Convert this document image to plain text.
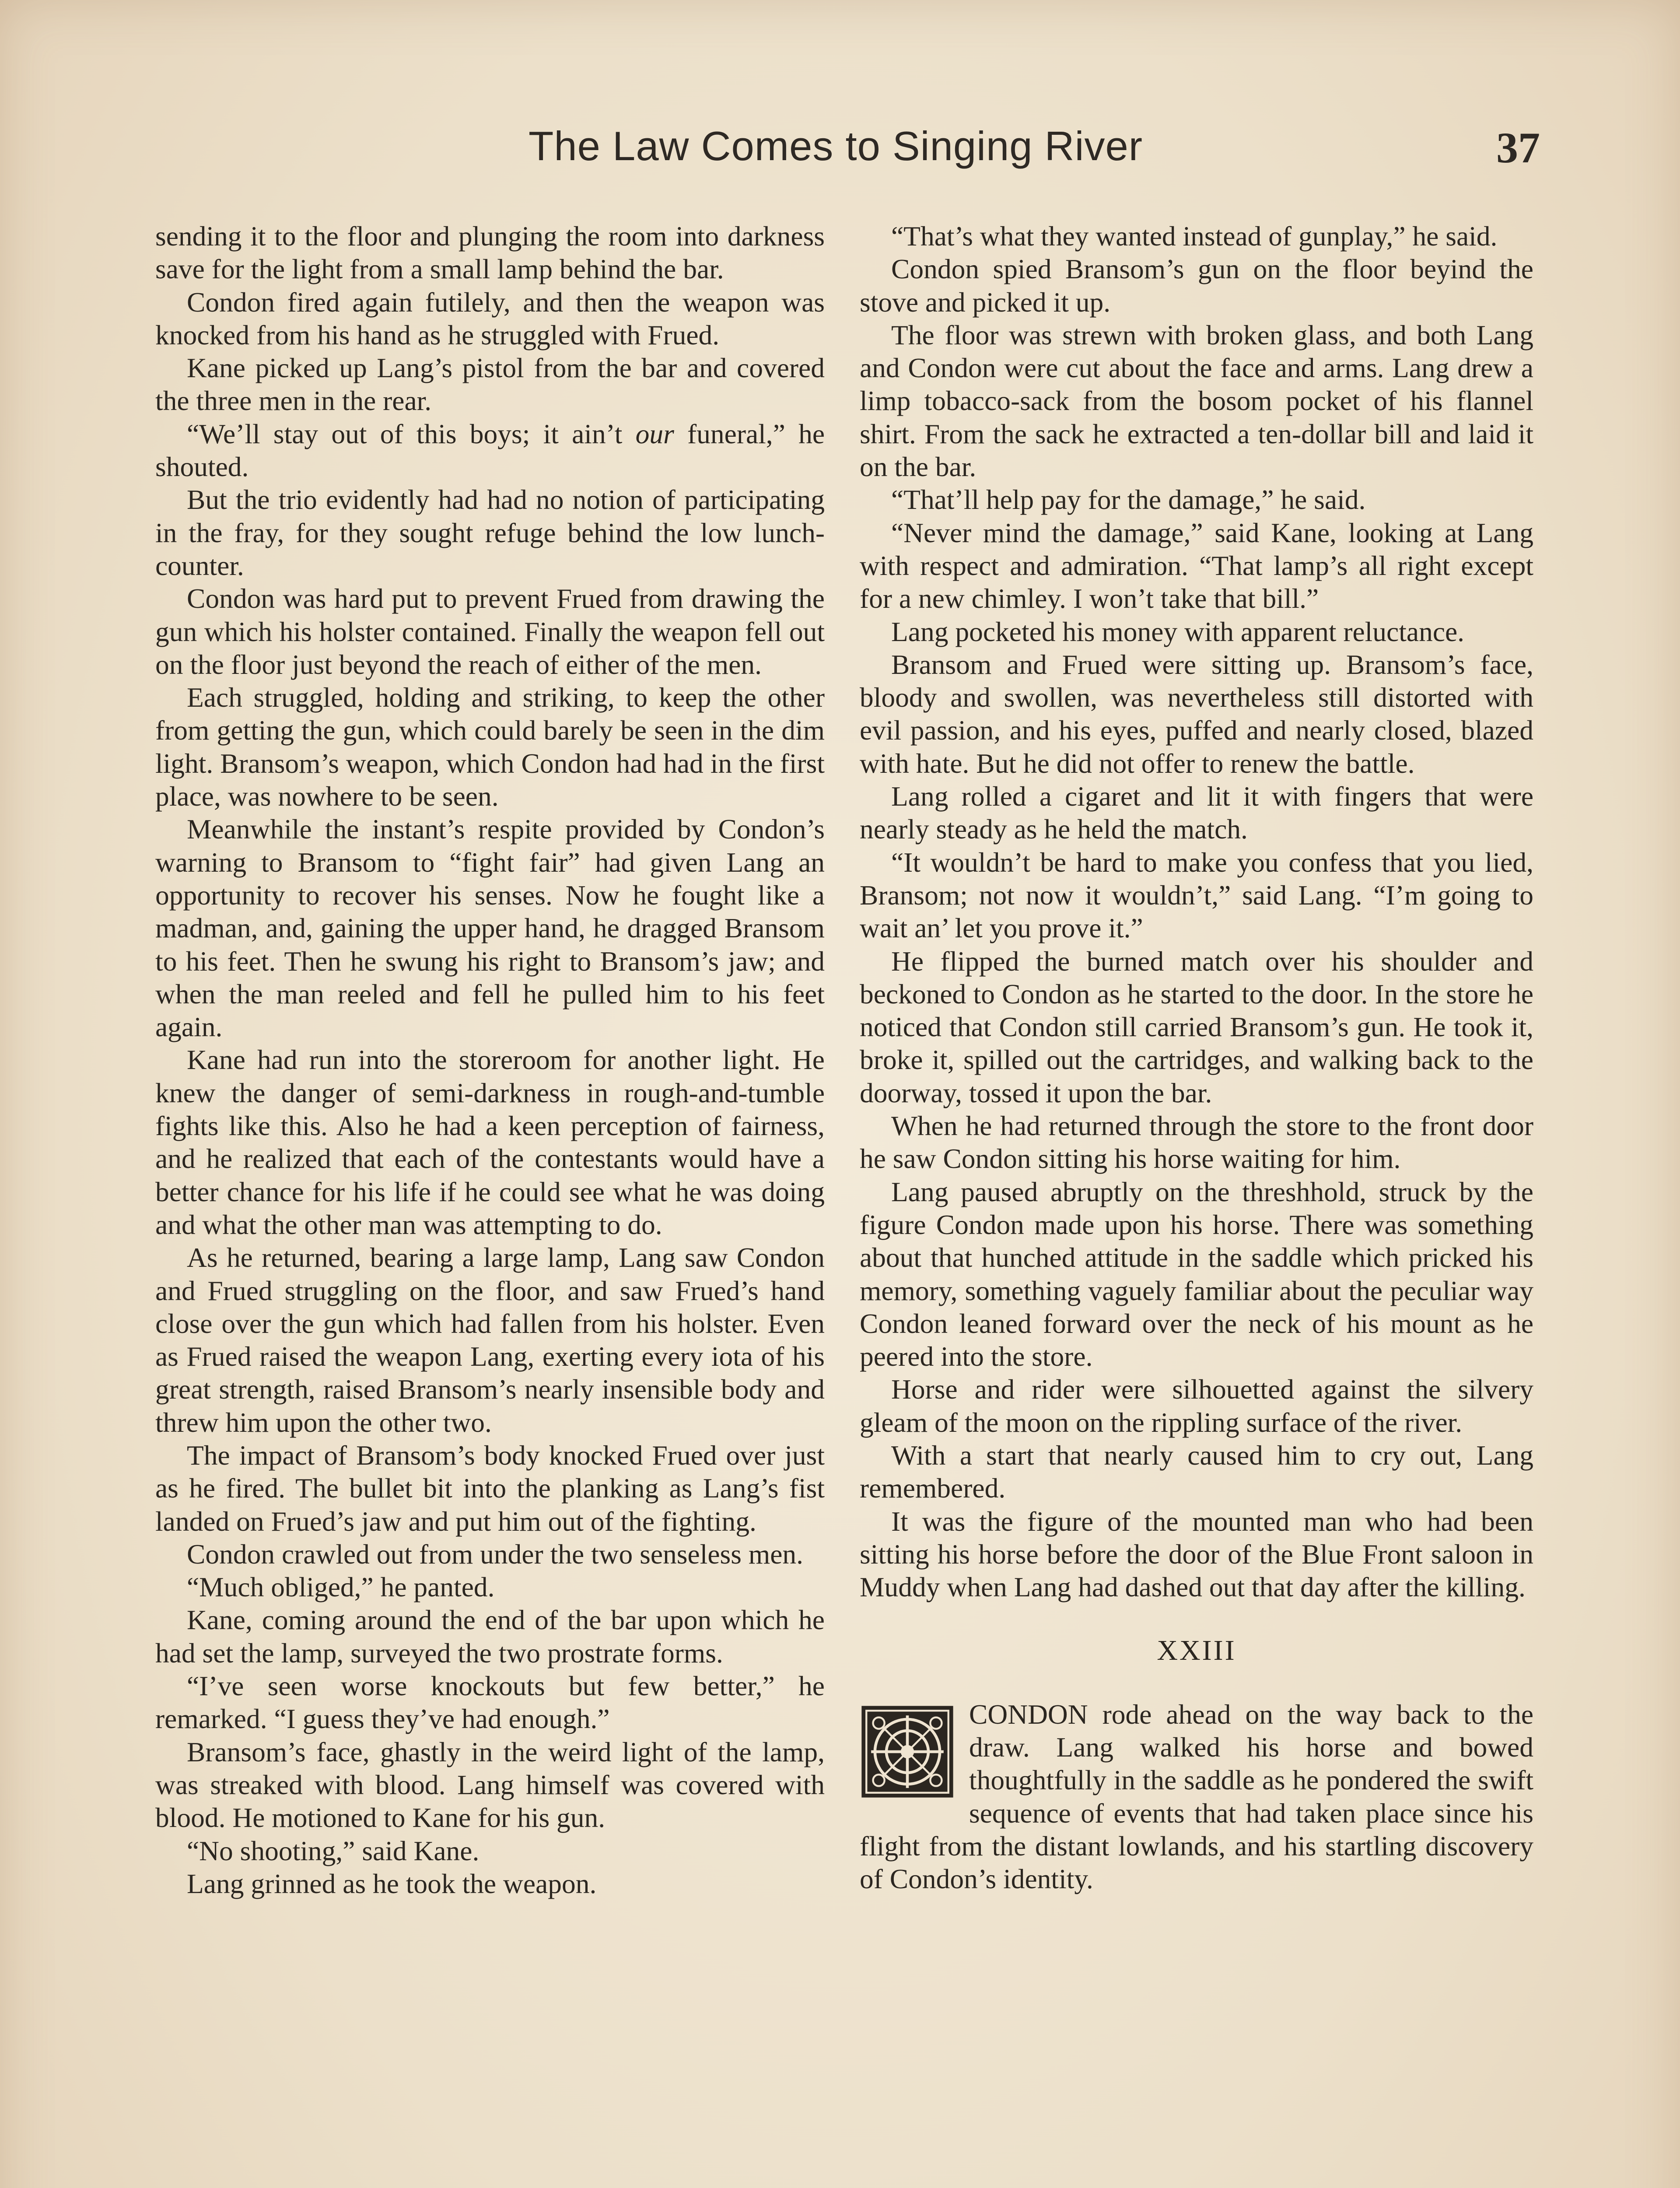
The Law Comes to Singing River	37

sending it to the floor and plunging the room into darkness save for the light from a small lamp behind the bar.

Condon fired again futilely, and then the weapon was knocked from his hand as he struggled with Frued.

Kane picked up Lang’s pistol from the bar and covered the three men in the rear.

“We’ll stay out of this boys; it ain’t our funeral,” he shouted.

But the trio evidently had had no notion of participating in the fray, for they sought refuge behind the low lunch-counter.

Condon was hard put to prevent Frued from drawing the gun which his holster contained. Finally the weapon fell out on the floor just beyond the reach of either of the men.

Each struggled, holding and striking, to keep the other from getting the gun, which could barely be seen in the dim light. Bransom’s weapon, which Condon had had in the first place, was nowhere to be seen.

Meanwhile the instant’s respite provided by Condon’s warning to Bransom to “fight fair” had given Lang an opportunity to recover his senses. Now he fought like a madman, and, gaining the upper hand, he dragged Bransom to his feet. Then he swung his right to Bransom’s jaw; and when the man reeled and fell he pulled him to his feet again.

Kane had run into the storeroom for another light. He knew the danger of semi-darkness in rough-and-tumble fights like this. Also he had a keen perception of fairness, and he realized that each of the contestants would have a better chance for his life if he could see what he was doing and what the other man was attempting to do.

As he returned, bearing a large lamp, Lang saw Condon and Frued struggling on the floor, and saw Frued’s hand close over the gun which had fallen from his holster. Even as Frued raised the weapon Lang, exerting every iota of his great strength, raised Bransom’s nearly insensible body and threw him upon the other two.

The impact of Bransom’s body knocked Frued over just as he fired. The bullet bit into the planking as Lang’s fist landed on Frued’s jaw and put him out of the fighting.

Condon crawled out from under the two senseless men.

“Much obliged,” he panted.

Kane, coming around the end of the bar upon which he had set the lamp, surveyed the two prostrate forms.

“I’ve seen worse knockouts but few better,” he remarked. “I guess they’ve had enough.”

Bransom’s face, ghastly in the weird light of the lamp, was streaked with blood. Lang himself was covered with blood. He motioned to Kane for his gun.

“No shooting,” said Kane.

Lang grinned as he took the weapon.

“That’s what they wanted instead of gunplay,” he said.

Condon spied Bransom’s gun on the floor beyind the stove and picked it up.

The floor was strewn with broken glass, and both Lang and Condon were cut about the face and arms. Lang drew a limp tobacco-sack from the bosom pocket of his flannel shirt. From the sack he extracted a ten-dollar bill and laid it on the bar.

“That’ll help pay for the damage,” he said.

“Never mind the damage,” said Kane, looking at Lang with respect and admiration. “That lamp’s all right except for a new chimley. I won’t take that bill.”

Lang pocketed his money with apparent reluctance.

Bransom and Frued were sitting up. Bransom’s face, bloody and swollen, was nevertheless still distorted with evil passion, and his eyes, puffed and nearly closed, blazed with hate. But he did not offer to renew the battle.

Lang rolled a cigaret and lit it with fingers that were nearly steady as he held the match.

“It wouldn’t be hard to make you confess that you lied, Bransom; not now it wouldn’t,” said Lang. “I’m going to wait an’ let you prove it.”

He flipped the burned match over his shoulder and beckoned to Condon as he started to the door. In the store he noticed that Condon still carried Bransom’s gun. He took it, broke it, spilled out the cartridges, and walking back to the doorway, tossed it upon the bar.

When he had returned through the store to the front door he saw Condon sitting his horse waiting for him.

Lang paused abruptly on the threshhold, struck by the figure Condon made upon his horse. There was something about that hunched attitude in the saddle which pricked his memory, something vaguely familiar about the peculiar way Condon leaned forward over the neck of his mount as he peered into the store.

Horse and rider were silhouetted against the silvery gleam of the moon on the rippling surface of the river.

With a start that nearly caused him to cry out, Lang remembered.

It was the figure of the mounted man who had been sitting his horse before the door of the Blue Front saloon in Muddy when Lang had dashed out that day after the killing.

XXIII

CONDON rode ahead on the way back to the draw. Lang walked his horse and bowed thoughtfully in the saddle as he pondered the swift sequence of events that had taken place since his flight from the distant lowlands, and his startling discovery of Condon’s identity.
